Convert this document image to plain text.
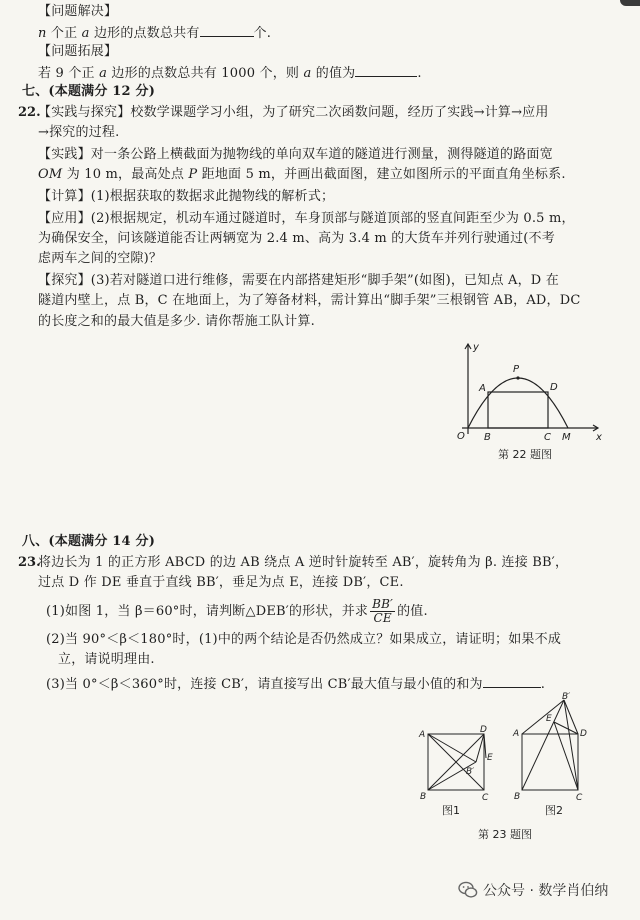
【问题解决】
n 个正 a 边形的点数总共有	个.
【问题拓展】
若 9 个正 a 边形的点数总共有 1000 个，则 a 的值为	.
七、(本题满分 12 分)
22.
【实践与探究】校数学课题学习小组，为了研究二次函数问题，经历了实践→计算→应用
→探究的过程.
【实践】对一条公路上横截面为抛物线的单向双车道的隧道进行测量，测得隧道的路面宽
OM 为 10 m，最高处点 P 距地面 5 m，并画出截面图，建立如图所示的平面直角坐标系.
【计算】(1)根据获取的数据求此抛物线的解析式；
【应用】(2)根据规定，机动车通过隧道时，车身顶部与隧道顶部的竖直间距至少为 0.5 m，
为确保安全，问该隧道能否让两辆宽为 2.4 m、高为 3.4 m 的大货车并列行驶通过(不考
虑两车之间的空隙)？
【探究】(3)若对隧道口进行维修，需要在内部搭建矩形“脚手架”(如图)，已知点 A，D 在
隧道内壁上，点 B，C 在地面上，为了筹备材料，需计算出“脚手架”三根钢管 AB，AD，DC
的长度之和的最大值是多少. 请你帮施工队计算.
y
x
O B	C M
A	D
P
第 22 题图
八、(本题满分 14 分)
23.
将边长为 1 的正方形 ABCD 的边 AB 绕点 A 逆时针旋转至 AB′，旋转角为 β. 连接 BB′，
过点 D 作 DE 垂直于直线 BB′，垂足为点 E，连接 DB′，CE.
(1)如图 1，当 β＝60°时，请判断△DEB′的形状，并求 $\frac{BB'}{CE}$ 的值.
(2)当 90°＜β＜180°时，(1)中的两个结论是否仍然成立？如果成立，请证明；如果不成
立，请说明理由.
(3)当 0°＜β＜360°时，连接 CB′，请直接写出 CB′最大值与最小值的和为	.
A	D
E
B′
B	C
图1
B′
E
A	D
B	C
图2
第 23 题图
公众号 · 数学肖伯纳
